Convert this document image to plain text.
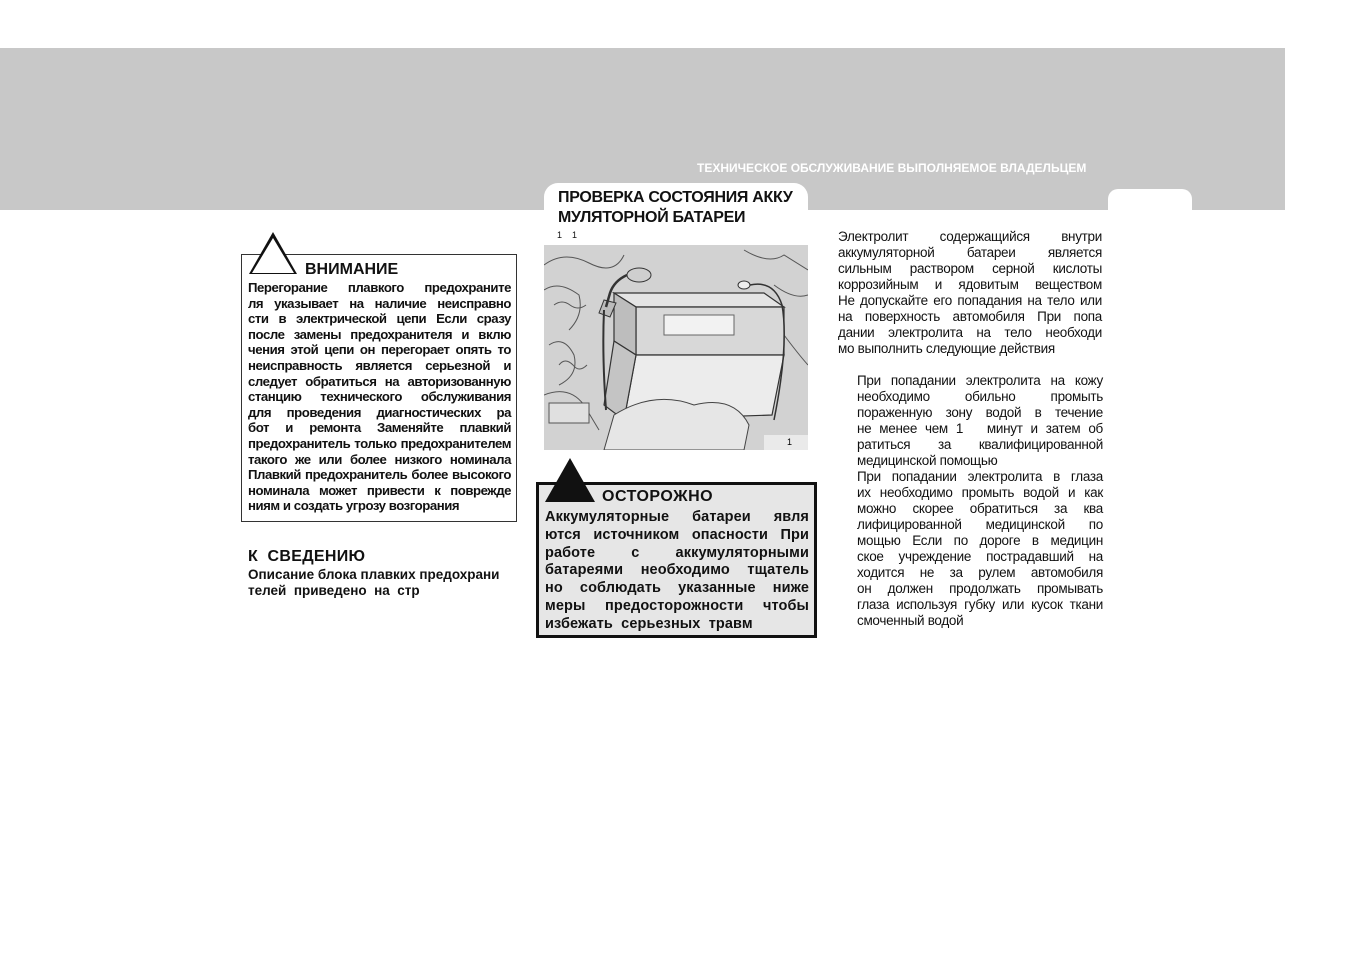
ТЕХНИЧЕСКОЕ ОБСЛУЖИВАНИЕ ВЫПОЛНЯЕМОЕ ВЛАДЕЛЬЦЕМ
ПРОВЕРКА СОСТОЯНИЯ АККУ
МУЛЯТОРНОЙ БАТАРЕИ

1    1

ВНИМАНИЕ
Перегорание плавкого предохраните
ля указывает на наличие неисправно
сти в электрической цепи Если сразу
после замены предохранителя и вклю
чения этой цепи он перегорает опять то
неисправность является серьезной и
следует обратиться на авторизованную
станцию технического обслуживания
для проведения диагностических ра
бот и ремонта Заменяйте плавкий
предохранитель только предохранителем
такого же или более низкого номинала
Плавкий предохранитель более высокого
номинала может привести к поврежде
ниям и создать угрозу возгорания
К  СВЕДЕНИЮ
Описание блока плавких предохрани
телей  приведено  на  стр
1
ОСТОРОЖНО
Аккумуляторные батареи явля
ются источником опасности При
работе с аккумуляторными
батареями необходимо тщатель
но соблюдать указанные ниже
меры предосторожности чтобы
избежать  серьезных  травм
Электролит содержащийся внутри
аккумуляторной батареи является
сильным раствором серной кислоты
коррозийным и ядовитым веществом
Не допускайте его попадания на тело или
на поверхность автомобиля При попа
дании электролита на тело необходи
мо выполнить следующие действия
При попадании электролита на кожу
необходимо обильно промыть
пораженную зону водой в течение
не менее чем 1   минут и затем об
ратиться за квалифицированной
медицинской помощью
При попадании электролита в глаза
их необходимо промыть водой и как
можно скорее обратиться за ква
лифицированной медицинской по
мощью Если по дороге в медицин
ское учреждение пострадавший на
ходится не за рулем автомобиля
он должен продолжать промывать
глаза используя губку или кусок ткани
смоченный водой
